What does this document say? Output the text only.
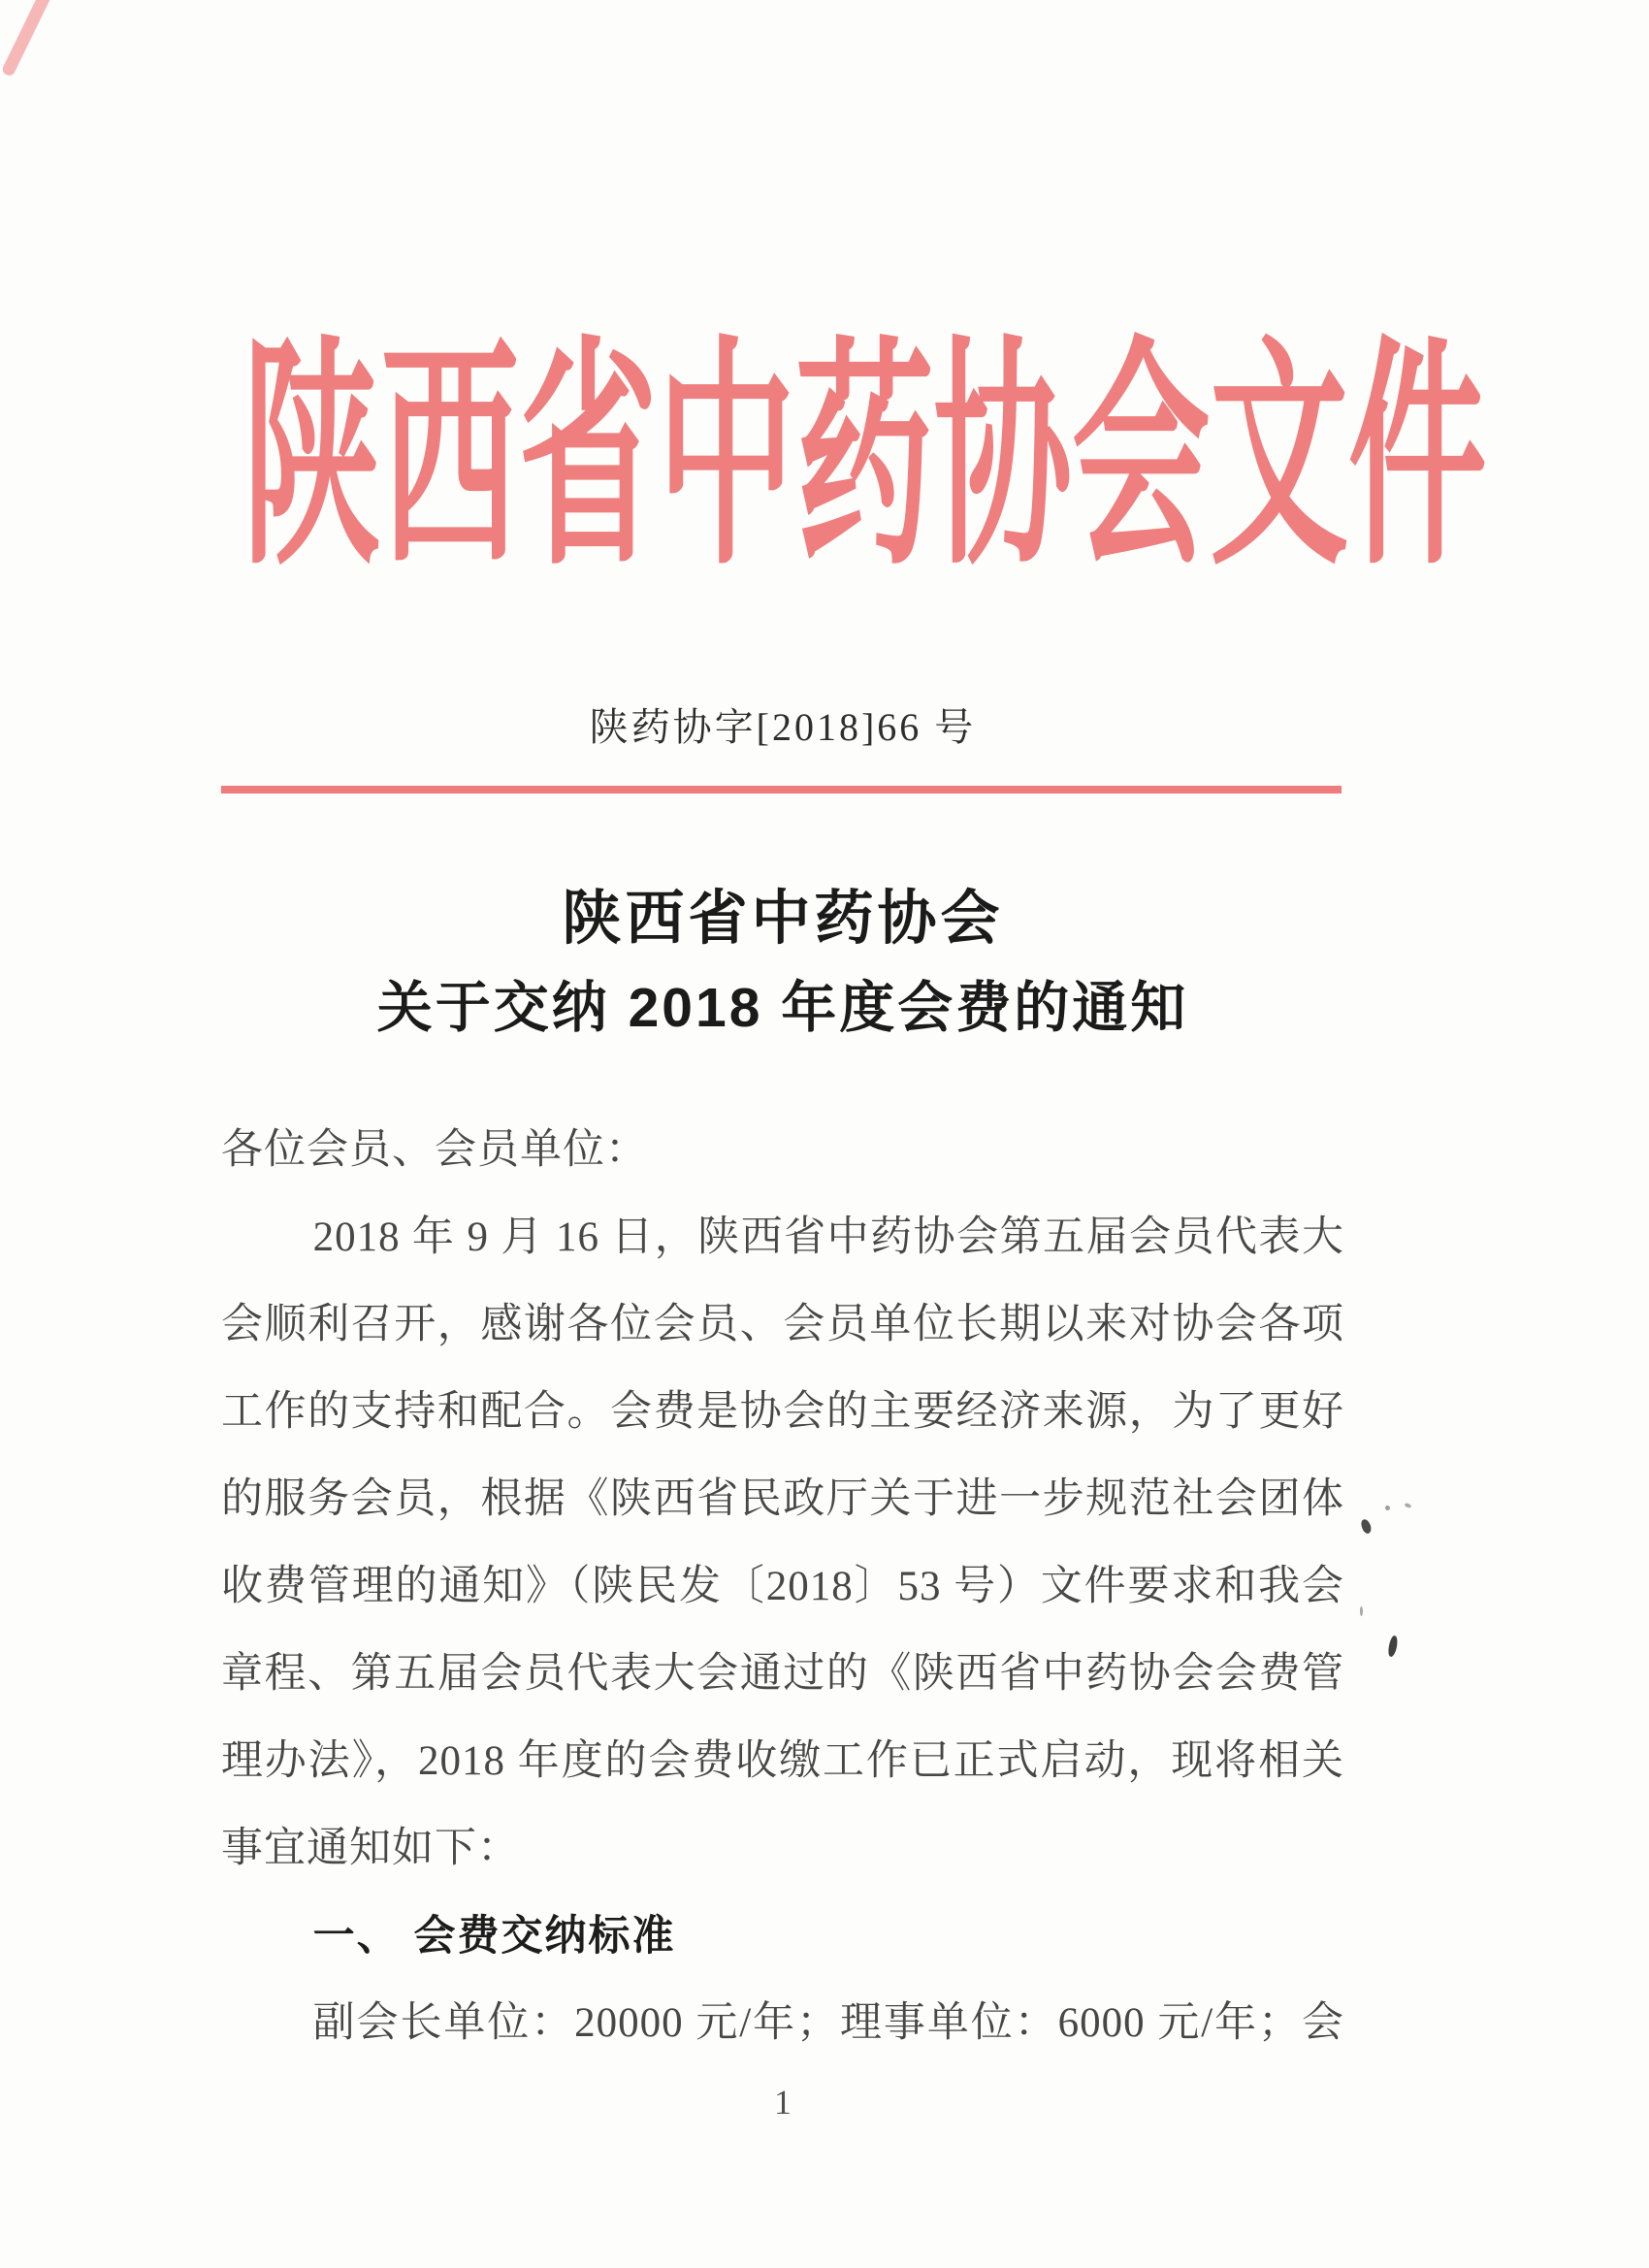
陕西省中药协会文件
陕药协字[2018]66 号
陕西省中药协会
关于交纳 2018 年度会费的通知
各位会员、会员单位：
2018 年 9 月 16 日，陕西省中药协会第五届会员代表大
会顺利召开，感谢各位会员、会员单位长期以来对协会各项
工作的支持和配合。会费是协会的主要经济来源，为了更好
的服务会员，根据《陕西省民政厅关于进一步规范社会团体
收费管理的通知》（陕民发〔2018〕53 号）文件要求和我会
章程、第五届会员代表大会通过的《陕西省中药协会会费管
理办法》，2018 年度的会费收缴工作已正式启动，现将相关
事宜通知如下：
一、 会费交纳标准
副会长单位：20000 元/年；理事单位：6000 元/年；会
1
